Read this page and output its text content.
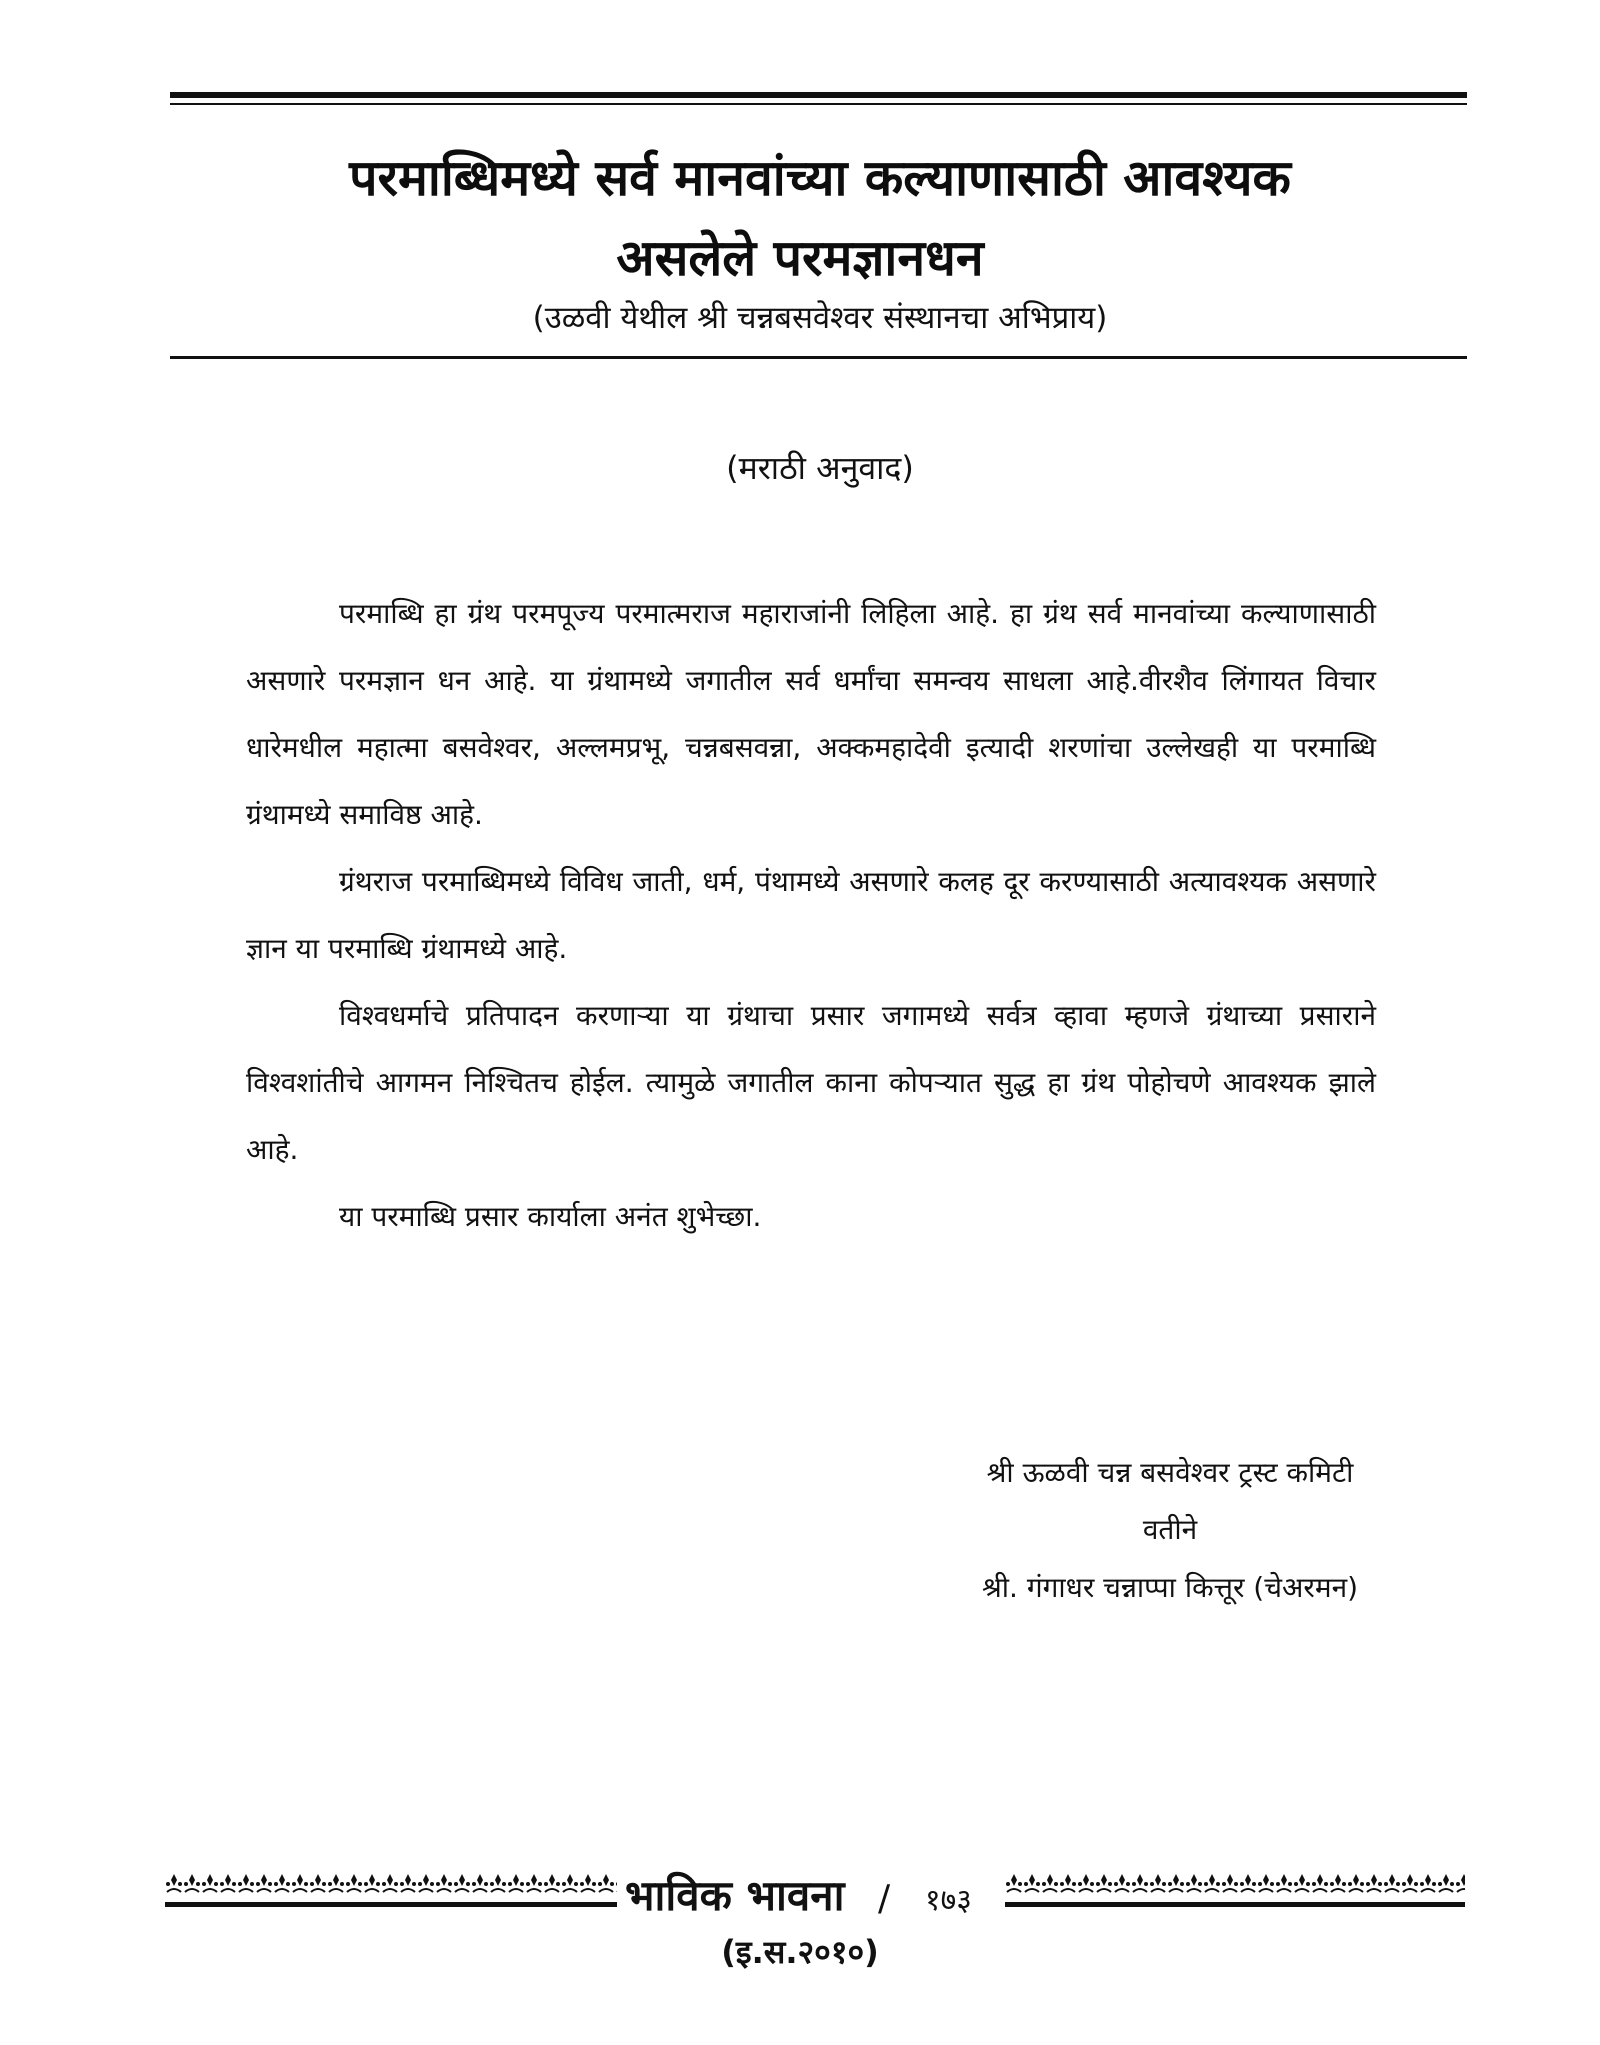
परमाब्धिमध्ये सर्व मानवांच्या कल्याणासाठी आवश्यक
असलेले परमज्ञानधन

(उळवी येथील श्री चन्नबसवेश्वर संस्थानचा अभिप्राय)

(मराठी अनुवाद)

परमाब्धि हा ग्रंथ परमपूज्य परमात्मराज महाराजांनी लिहिला आहे. हा ग्रंथ सर्व मानवांच्या कल्याणासाठी असणारे परमज्ञान धन आहे. या ग्रंथामध्ये जगातील सर्व धर्मांचा समन्वय साधला आहे.वीरशैव लिंगायत विचार धारेमधील महात्मा बसवेश्वर, अल्लमप्रभू, चन्नबसवन्ना, अक्कमहादेवी इत्यादी शरणांचा उल्लेखही या परमाब्धि ग्रंथामध्ये समाविष्ठ आहे.

ग्रंथराज परमाब्धिमध्ये विविध जाती, धर्म, पंथामध्ये असणारे कलह दूर करण्यासाठी अत्यावश्यक असणारे ज्ञान या परमाब्धि ग्रंथामध्ये आहे.

विश्वधर्माचे प्रतिपादन करणाऱ्या या ग्रंथाचा प्रसार जगामध्ये सर्वत्र व्हावा म्हणजे ग्रंथाच्या प्रसाराने विश्वशांतीचे आगमन निश्चितच होईल. त्यामुळे जगातील काना कोपऱ्यात सुद्ध हा ग्रंथ पोहोचणे आवश्यक झाले आहे.

या परमाब्धि प्रसार कार्याला अनंत शुभेच्छा.

श्री ऊळवी चन्न बसवेश्वर ट्रस्ट कमिटी
वतीने
श्री. गंगाधर चन्नाप्पा कित्तूर (चेअरमन)
भाविक भावना / १७३
(इ.स.२०१०)
